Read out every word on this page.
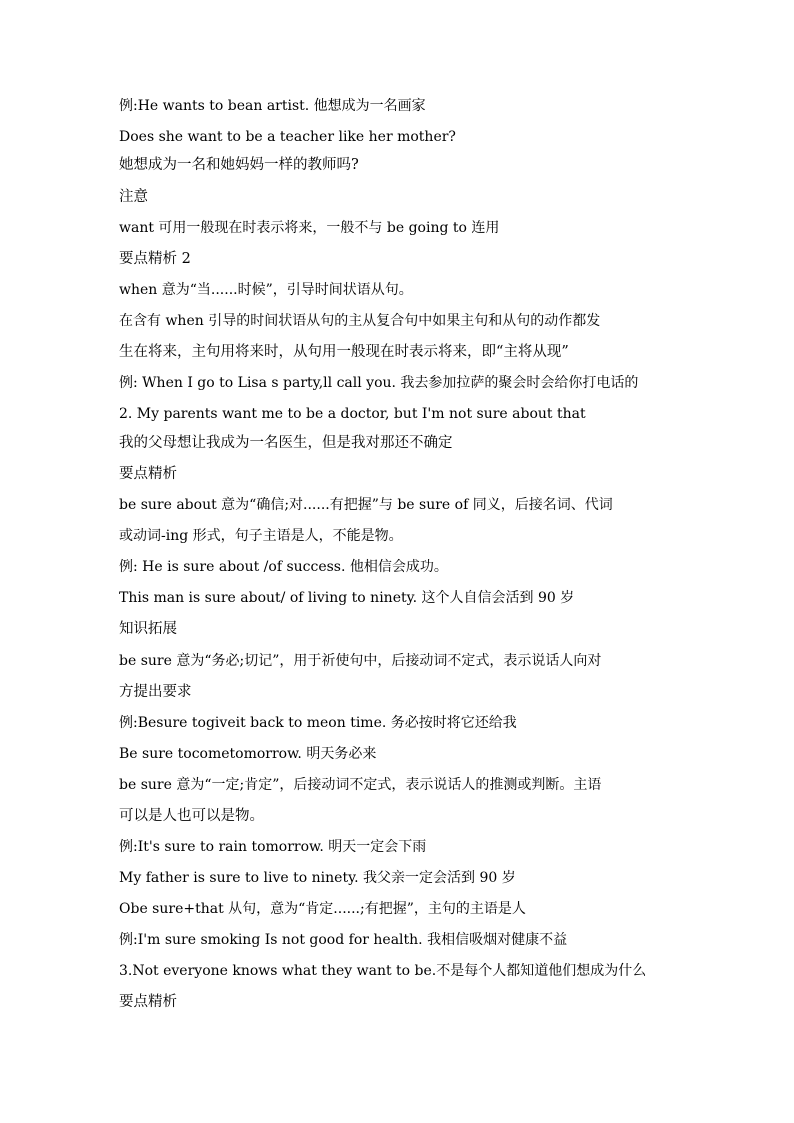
例:He wants to bean artist. 他想成为一名画家
Does she want to be a teacher like her mother?
她想成为一名和她妈妈一样的教师吗?
注意
want 可用一般现在时表示将来，一般不与 be going to 连用
要点精析 2
when 意为“当......时候”，引导时间状语从句。
在含有 when 引导的时间状语从句的主从复合句中如果主句和从句的动作都发
生在将来，主句用将来时，从句用一般现在时表示将来，即“主将从现”
例: When I go to Lisa s party,ll call you. 我去参加拉萨的聚会时会给你打电话的
2. My parents want me to be a doctor, but I'm not sure about that
我的父母想让我成为一名医生，但是我对那还不确定
要点精析
be sure about 意为“确信;对......有把握”与 be sure of 同义，后接名词、代词
或动词-ing 形式，句子主语是人，不能是物。
例: He is sure about /of success. 他相信会成功。
This man is sure about/ of living to ninety. 这个人自信会活到 90 岁
知识拓展
be sure 意为“务必;切记”，用于祈使句中，后接动词不定式，表示说话人向对
方提出要求
例:Besure togiveit back to meon time. 务必按时将它还给我
Be sure tocometomorrow. 明天务必来
be sure 意为“一定;肯定”，后接动词不定式，表示说话人的推测或判断。主语
可以是人也可以是物。
例:It's sure to rain tomorrow. 明天一定会下雨
My father is sure to live to ninety. 我父亲一定会活到 90 岁
Obe sure+that 从句，意为“肯定......;有把握”，主句的主语是人
例:I'm sure smoking Is not good for health. 我相信吸烟对健康不益
3.Not everyone knows what they want to be.不是每个人都知道他们想成为什么
要点精析
